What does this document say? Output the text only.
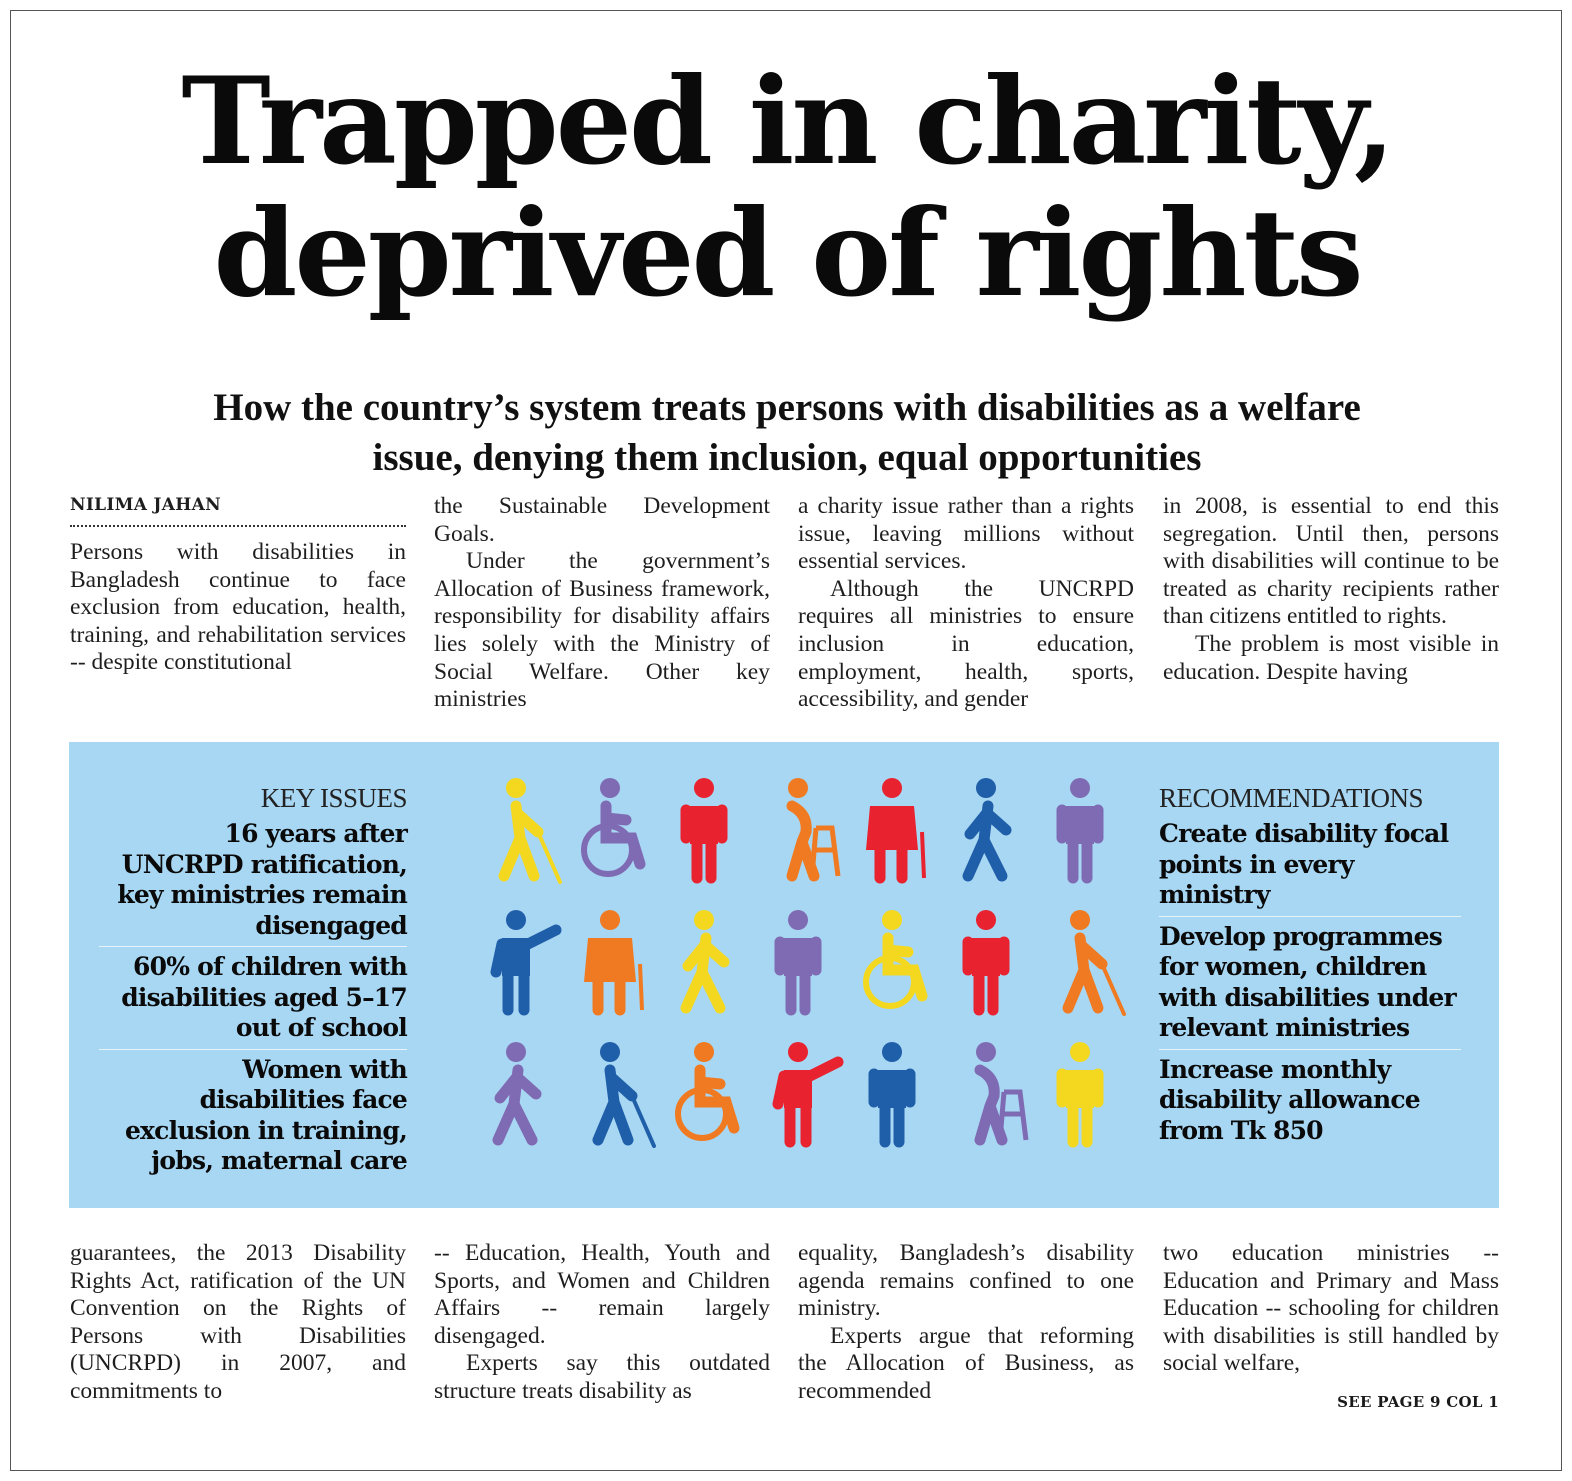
Trapped in charity,
deprived of rights
How the country’s system treats persons with disabilities as a welfare
issue, denying them inclusion, equal opportunities
NILIMA JAHAN

Persons with disabilities in Bangladesh continue to face exclusion from education, health, training, and rehabilitation services -- despite constitutional

the Sustainable Development Goals.

Under the government’s Allocation of Business framework, responsibility for disability affairs lies solely with the Ministry of Social Welfare. Other key ministries

a charity issue rather than a rights issue, leaving millions without essential services.

Although the UNCRPD requires all ministries to ensure inclusion in education, employment, health, sports, accessibility, and gender

in 2008, is essential to end this segregation. Until then, persons with disabilities will continue to be treated as charity recipients rather than citizens entitled to rights.

The problem is most visible in education. Despite having

KEY ISSUES
16 years after UNCRPD ratification, key ministries remain disengaged
60% of children with disabilities aged 5–17 out of school
Women with disabilities face exclusion in training, jobs, maternal care
RECOMMENDATIONS
Create disability focal points in every ministry
Develop programmes for women, children with disabilities under relevant ministries
Increase monthly disability allowance from Tk 850

guarantees, the 2013 Disability Rights Act, ratification of the UN Convention on the Rights of Persons with Disabilities (UNCRPD) in 2007, and commitments to

-- Education, Health, Youth and Sports, and Women and Children Affairs -- remain largely disengaged.

Experts say this outdated structure treats disability as

equality, Bangladesh’s disability agenda remains confined to one ministry.

Experts argue that reforming the Allocation of Business, as recommended

two education ministries -- Education and Primary and Mass Education -- schooling for children with disabilities is still handled by social welfare,

SEE PAGE 9 COL 1
